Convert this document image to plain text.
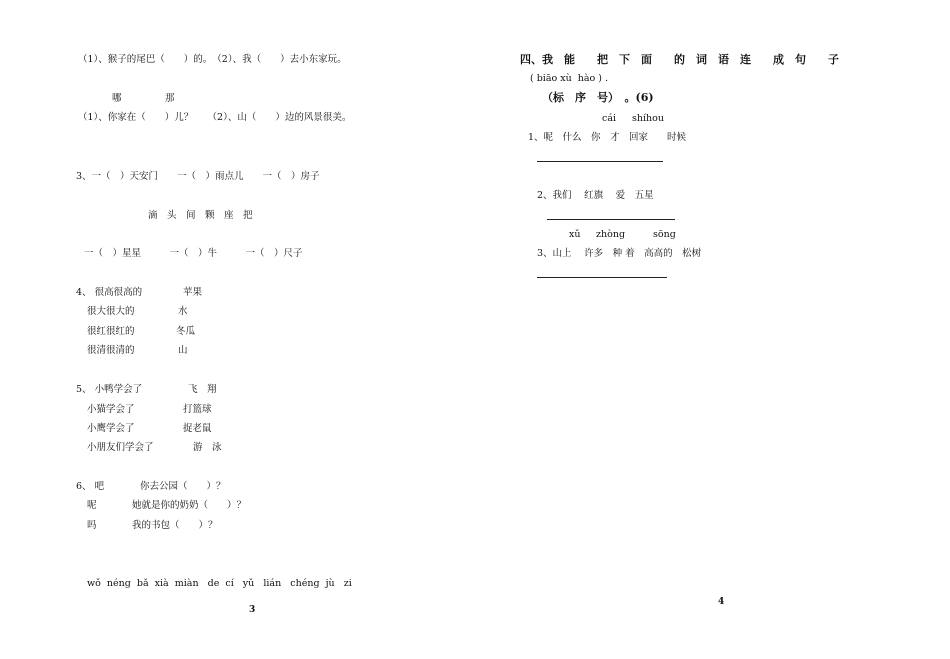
（1）、猴子的尾巴（　　）的。　（2）、我（　　）去小东家玩。
哪	那
（1）、你家在（　　）儿？　　（2）、山（　　）边的风景很美。
3、一（　）天安门　　一（　）雨点儿　　一（　）房子
滴　头　间　颗　座　把
一（　）星星　　　一（　）牛　　　一（　）尺子
4、 很高很高的	苹果
很大很大的	水
很红很红的	冬瓜
很清很清的	山
5、 小鸭学会了	飞　翔
小猫学会了	打篮球
小鹰学会了	捉老鼠
小朋友们学会了	游　泳
6、 吧	你去公园（　　）？
呢	她就是你的奶奶（　　）？
吗	我的书包（　　）？
wǒ  néng  bǎ  xià  miàn   de  cí   yǔ   lián   chéng  jù   zi
3
四、我　能　　把　下　面　　的　词　语　连　　成　句　　子
( biāo xù  hào ) .
（标　序　号）　。(6)
cái shíhou
1、呢　什么　你　才　回家　　时候
2、我们　 红旗　 爱　五星
xǔ　  zhòng	sōng
3、山上　 许多　种 着　高高的　松树
4
